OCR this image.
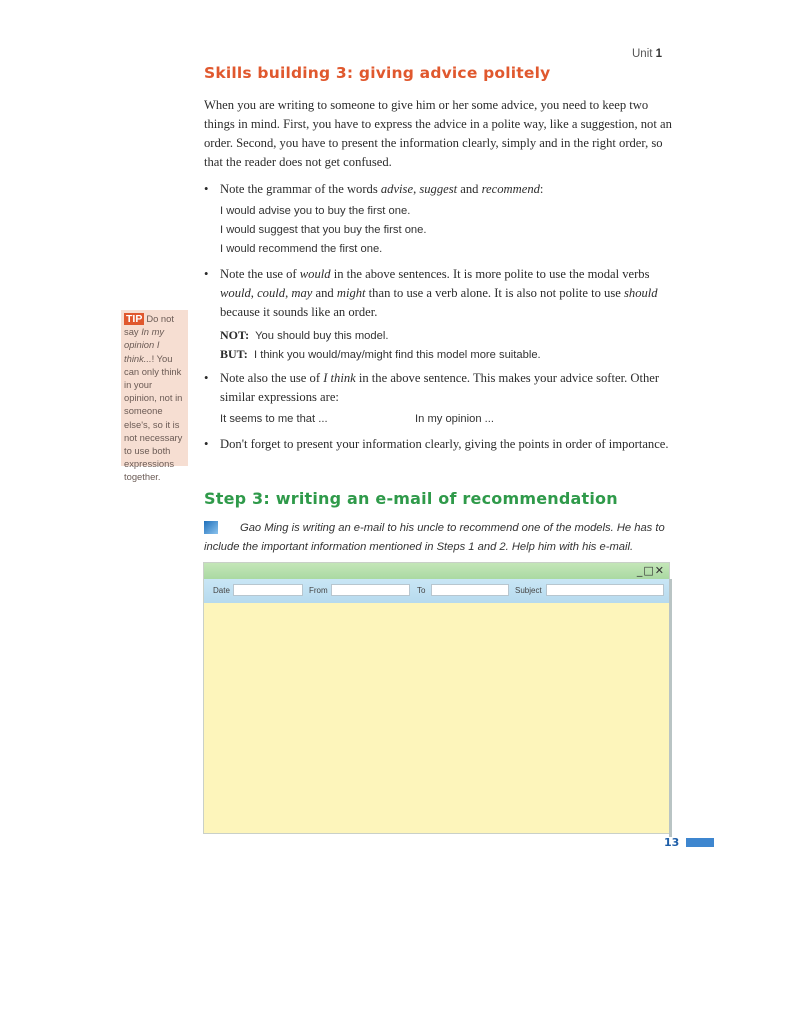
Unit 1
Skills building 3: giving advice politely

When you are writing to someone to give him or her some advice, you need to keep two things in mind. First, you have to express the advice in a polite way, like a suggestion, not an order. Second, you have to present the information clearly, simply and in the right order, so that the reader does not get confused.

• Note the grammar of the words advise, suggest and recommend:
I would advise you to buy the first one.
I would suggest that you buy the first one.
I would recommend the first one.
• Note the use of would in the above sentences. It is more polite to use the modal verbs would, could, may and might than to use a verb alone. It is also not polite to use should because it sounds like an order.
NOT: You should buy this model.
BUT: I think you would/may/might find this model more suitable.
TIP Do not say In my opinion I think...! You can only think in your opinion, not in someone else's, so it is not necessary to use both expressions together.
• Note also the use of I think in the above sentence. This makes your advice softer. Other similar expressions are:
It seems to me that ...	In my opinion ...
• Don't forget to present your information clearly, giving the points in order of importance.
Step 3: writing an e-mail of recommendation

Gao Ming is writing an e-mail to his uncle to recommend one of the models. He has to include the important information mentioned in Steps 1 and 2. Help him with his e-mail.

_□✕
Date	From	To	Subject
13
